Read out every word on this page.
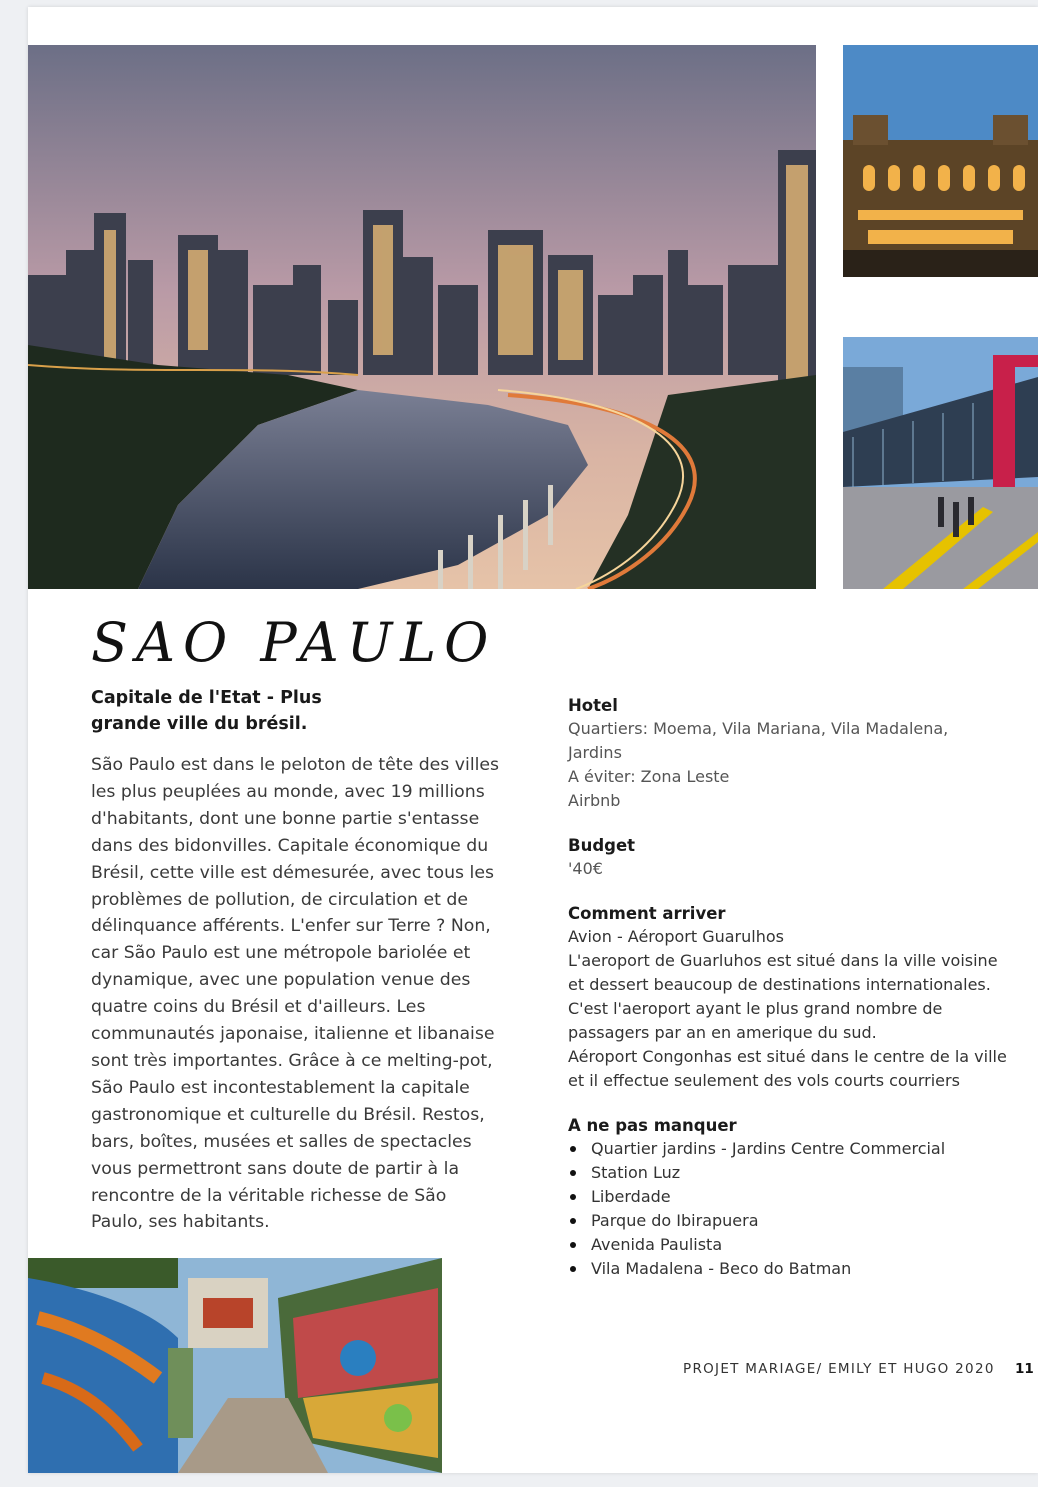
SAO PAULO
Capitale de l'Etat - Plus grande ville du brésil.
São Paulo est dans le peloton de tête des villes
les plus peuplées au monde, avec 19 millions
d'habitants, dont une bonne partie s'entasse
dans des bidonvilles. Capitale économique du
Brésil, cette ville est démesurée, avec tous les
problèmes de pollution, de circulation et de
délinquance afférents. L'enfer sur Terre ? Non,
car São Paulo est une métropole bariolée et
dynamique, avec une population venue des
quatre coins du Brésil et d'ailleurs. Les
communautés japonaise, italienne et libanaise
sont très importantes. Grâce à ce melting-pot,
São Paulo est incontestablement la capitale
gastronomique et culturelle du Brésil. Restos,
bars, boîtes, musées et salles de spectacles
vous permettront sans doute de partir à la
rencontre de la véritable richesse de São
Paulo, ses habitants.
Hotel
Quartiers: Moema, Vila Mariana, Vila Madalena,
Jardins
A éviter: Zona Leste
Airbnb
Budget
'40€
Comment arriver
Avion - Aéroport Guarulhos
L'aeroport de Guarluhos est situé dans la ville voisine
et dessert beaucoup de destinations internationales.
C'est l'aeroport ayant le plus grand nombre de
passagers par an en amerique du sud.
Aéroport Congonhas est situé dans le centre de la ville
et il effectue seulement des vols courts courriers
A ne pas manquer
Quartier jardins - Jardins Centre Commercial
Station Luz
Liberdade
Parque do Ibirapuera
Avenida Paulista
Vila Madalena - Beco do Batman
PROJET MARIAGE/ EMILY ET HUGO 2020 11
